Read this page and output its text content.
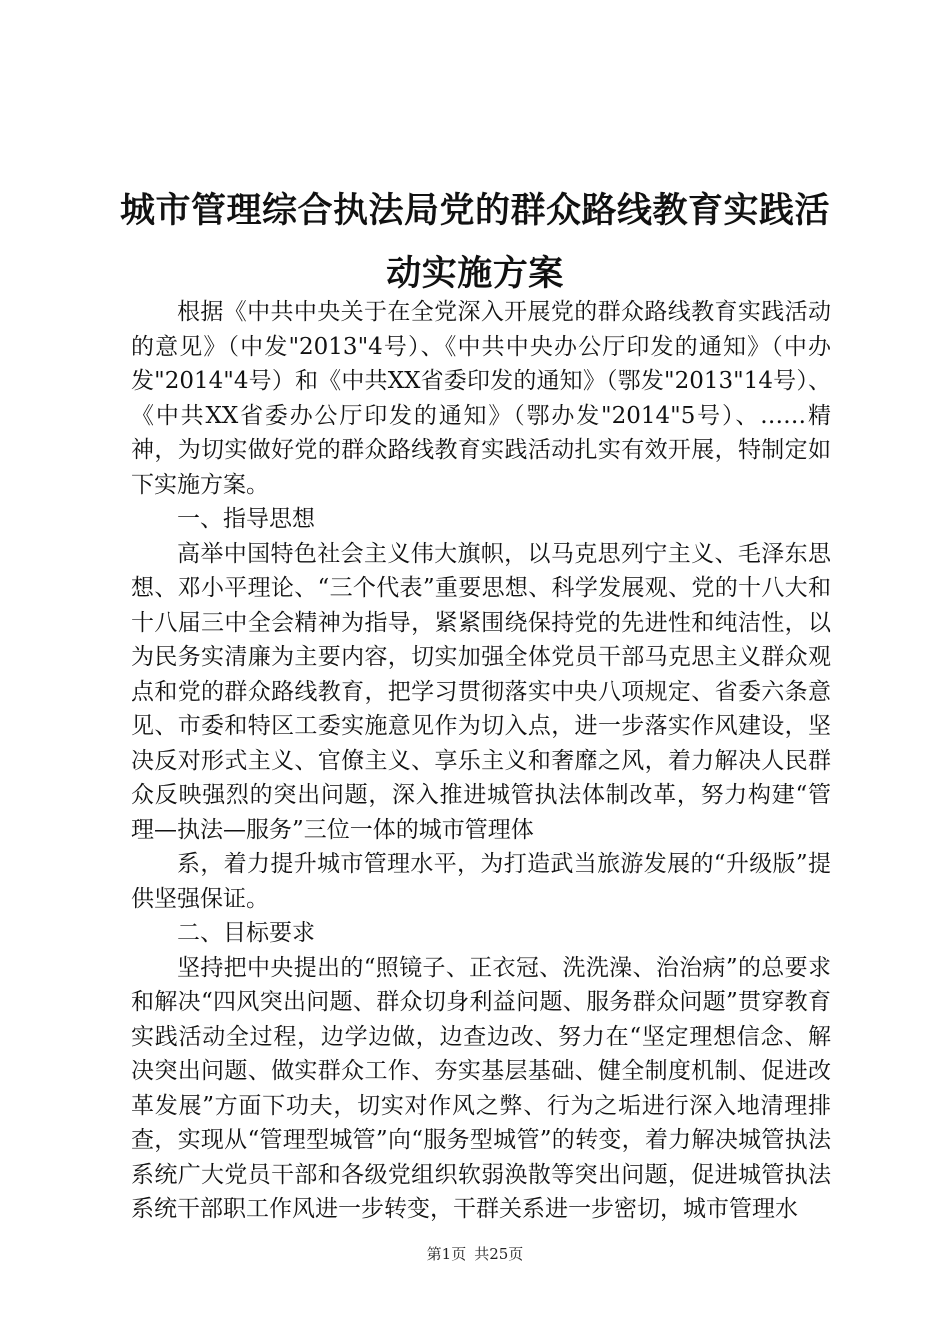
城市管理综合执法局党的群众路线教育实践活动实施方案

根据《中共中央关于在全党深入开展党的群众路线教育实践活动的意见》（中发"2013"4号）、《中共中央办公厅印发的通知》（中办发"2014"4号）和《中共XX省委印发的通知》（鄂发"2013"14号）、《中共XX省委办公厅印发的通知》（鄂办发"2014"5号）、……精神，为切实做好党的群众路线教育实践活动扎实有效开展，特制定如下实施方案。

一、指导思想

高举中国特色社会主义伟大旗帜，以马克思列宁主义、毛泽东思想、邓小平理论、“三个代表”重要思想、科学发展观、党的十八大和十八届三中全会精神为指导，紧紧围绕保持党的先进性和纯洁性，以为民务实清廉为主要内容，切实加强全体党员干部马克思主义群众观点和党的群众路线教育，把学习贯彻落实中央八项规定、省委六条意见、市委和特区工委实施意见作为切入点，进一步落实作风建设，坚决反对形式主义、官僚主义、享乐主义和奢靡之风，着力解决人民群众反映强烈的突出问题，深入推进城管执法体制改革，努力构建“管理—执法—服务”三位一体的城市管理体

系，着力提升城市管理水平，为打造武当旅游发展的“升级版”提供坚强保证。

二、目标要求

坚持把中央提出的“照镜子、正衣冠、洗洗澡、治治病”的总要求和解决“四风突出问题、群众切身利益问题、服务群众问题”贯穿教育实践活动全过程，边学边做，边查边改、努力在“坚定理想信念、解决突出问题、做实群众工作、夯实基层基础、健全制度机制、促进改革发展”方面下功夫，切实对作风之弊、行为之垢进行深入地清理排查，实现从“管理型城管”向“服务型城管”的转变，着力解决城管执法系统广大党员干部和各级党组织软弱涣散等突出问题，促进城管执法系统干部职工作风进一步转变，干群关系进一步密切，城市管理水

第1页 共25页
